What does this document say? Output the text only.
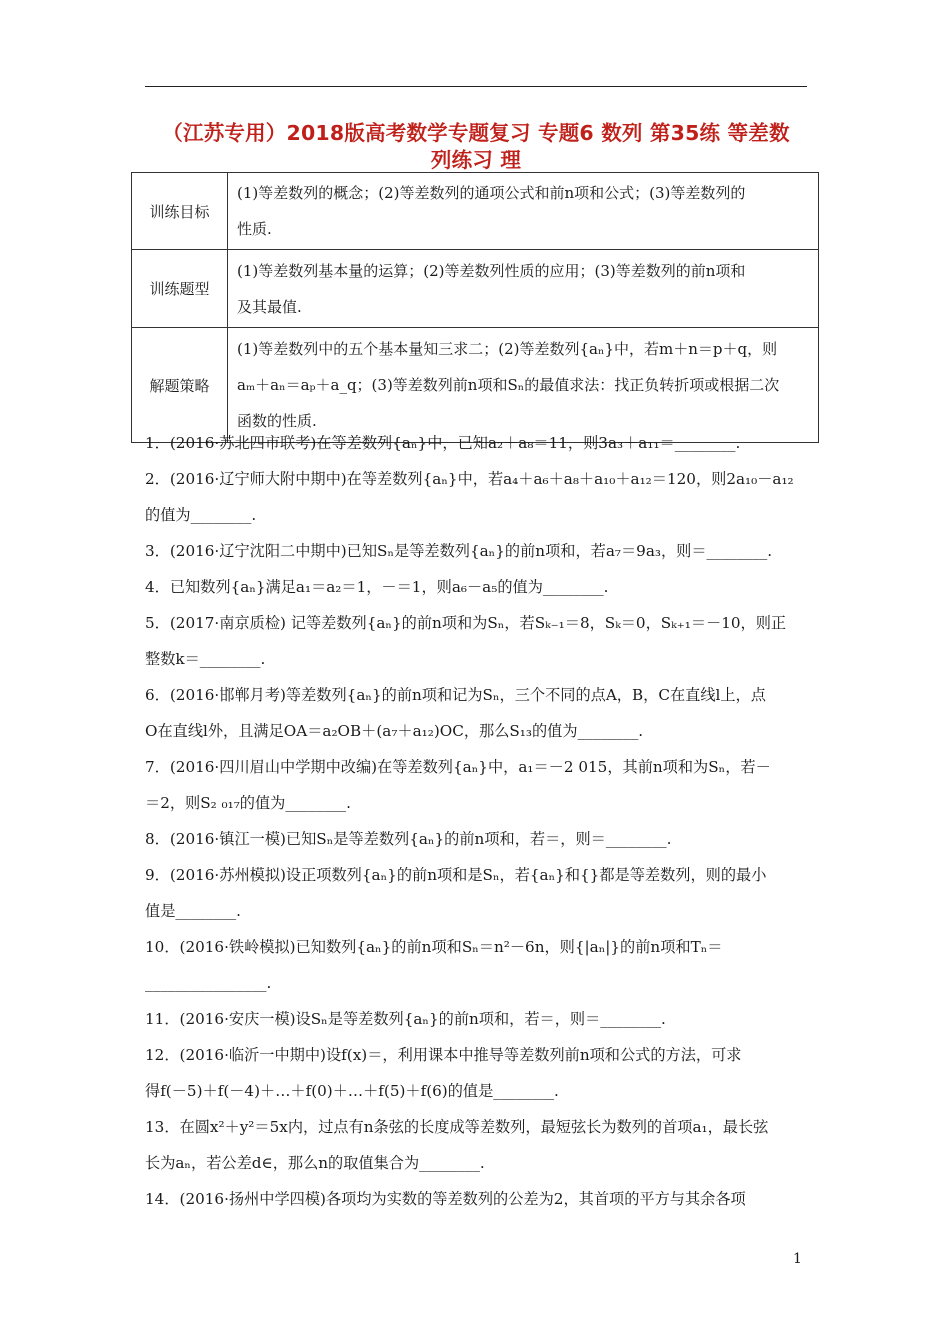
（江苏专用）2018版高考数学专题复习 专题6 数列 第35练 等差数
列练习 理
训练目标	(1)等差数列的概念；(2)等差数列的通项公式和前n项和公式；(3)等差数列的
性质.

训练题型	(1)等差数列基本量的运算；(2)等差数列性质的应用；(3)等差数列的前n项和
及其最值.

解题策略	(1)等差数列中的五个基本量知三求二；(2)等差数列{aₙ}中，若m＋n＝p＋q，则
aₘ＋aₙ＝aₚ＋a_q；(3)等差数列前n项和Sₙ的最值求法：找正负转折项或根据二次
函数的性质.
1．(2016·苏北四市联考)在等差数列{aₙ}中，已知a₂＋a₈＝11，则3a₃＋a₁₁＝________.
2．(2016·辽宁师大附中期中)在等差数列{aₙ}中，若a₄＋a₆＋a₈＋a₁₀＋a₁₂＝120，则2a₁₀－a₁₂
的值为________.
3．(2016·辽宁沈阳二中期中)已知Sₙ是等差数列{aₙ}的前n项和，若a₇＝9a₃，则＝________.
4．已知数列{aₙ}满足a₁＝a₂＝1，－＝1，则a₆－a₅的值为________.
5．(2017·南京质检) 记等差数列{aₙ}的前n项和为Sₙ，若Sₖ₋₁＝8，Sₖ＝0，Sₖ₊₁＝－10，则正
整数k＝________.
6．(2016·邯郸月考)等差数列{aₙ}的前n项和记为Sₙ，三个不同的点A，B，C在直线l上，点
O在直线l外，且满足OA＝a₂OB＋(a₇＋a₁₂)OC，那么S₁₃的值为________.
7．(2016·四川眉山中学期中改编)在等差数列{aₙ}中，a₁＝－2 015，其前n项和为Sₙ，若－
＝2，则S₂ ₀₁₇的值为________.
8．(2016·镇江一模)已知Sₙ是等差数列{aₙ}的前n项和，若＝，则＝________.
9．(2016·苏州模拟)设正项数列{aₙ}的前n项和是Sₙ，若{aₙ}和{}都是等差数列，则的最小
值是________.
10．(2016·铁岭模拟)已知数列{aₙ}的前n项和Sₙ＝n²－6n，则{|aₙ|}的前n项和Tₙ＝
________________.
11．(2016·安庆一模)设Sₙ是等差数列{aₙ}的前n项和，若＝，则＝________.
12．(2016·临沂一中期中)设f(x)＝，利用课本中推导等差数列前n项和公式的方法，可求
得f(－5)＋f(－4)＋…＋f(0)＋…＋f(5)＋f(6)的值是________.
13．在圆x²＋y²＝5x内，过点有n条弦的长度成等差数列，最短弦长为数列的首项a₁，最长弦
长为aₙ，若公差d∈，那么n的取值集合为________.
14．(2016·扬州中学四模)各项均为实数的等差数列的公差为2，其首项的平方与其余各项
1
